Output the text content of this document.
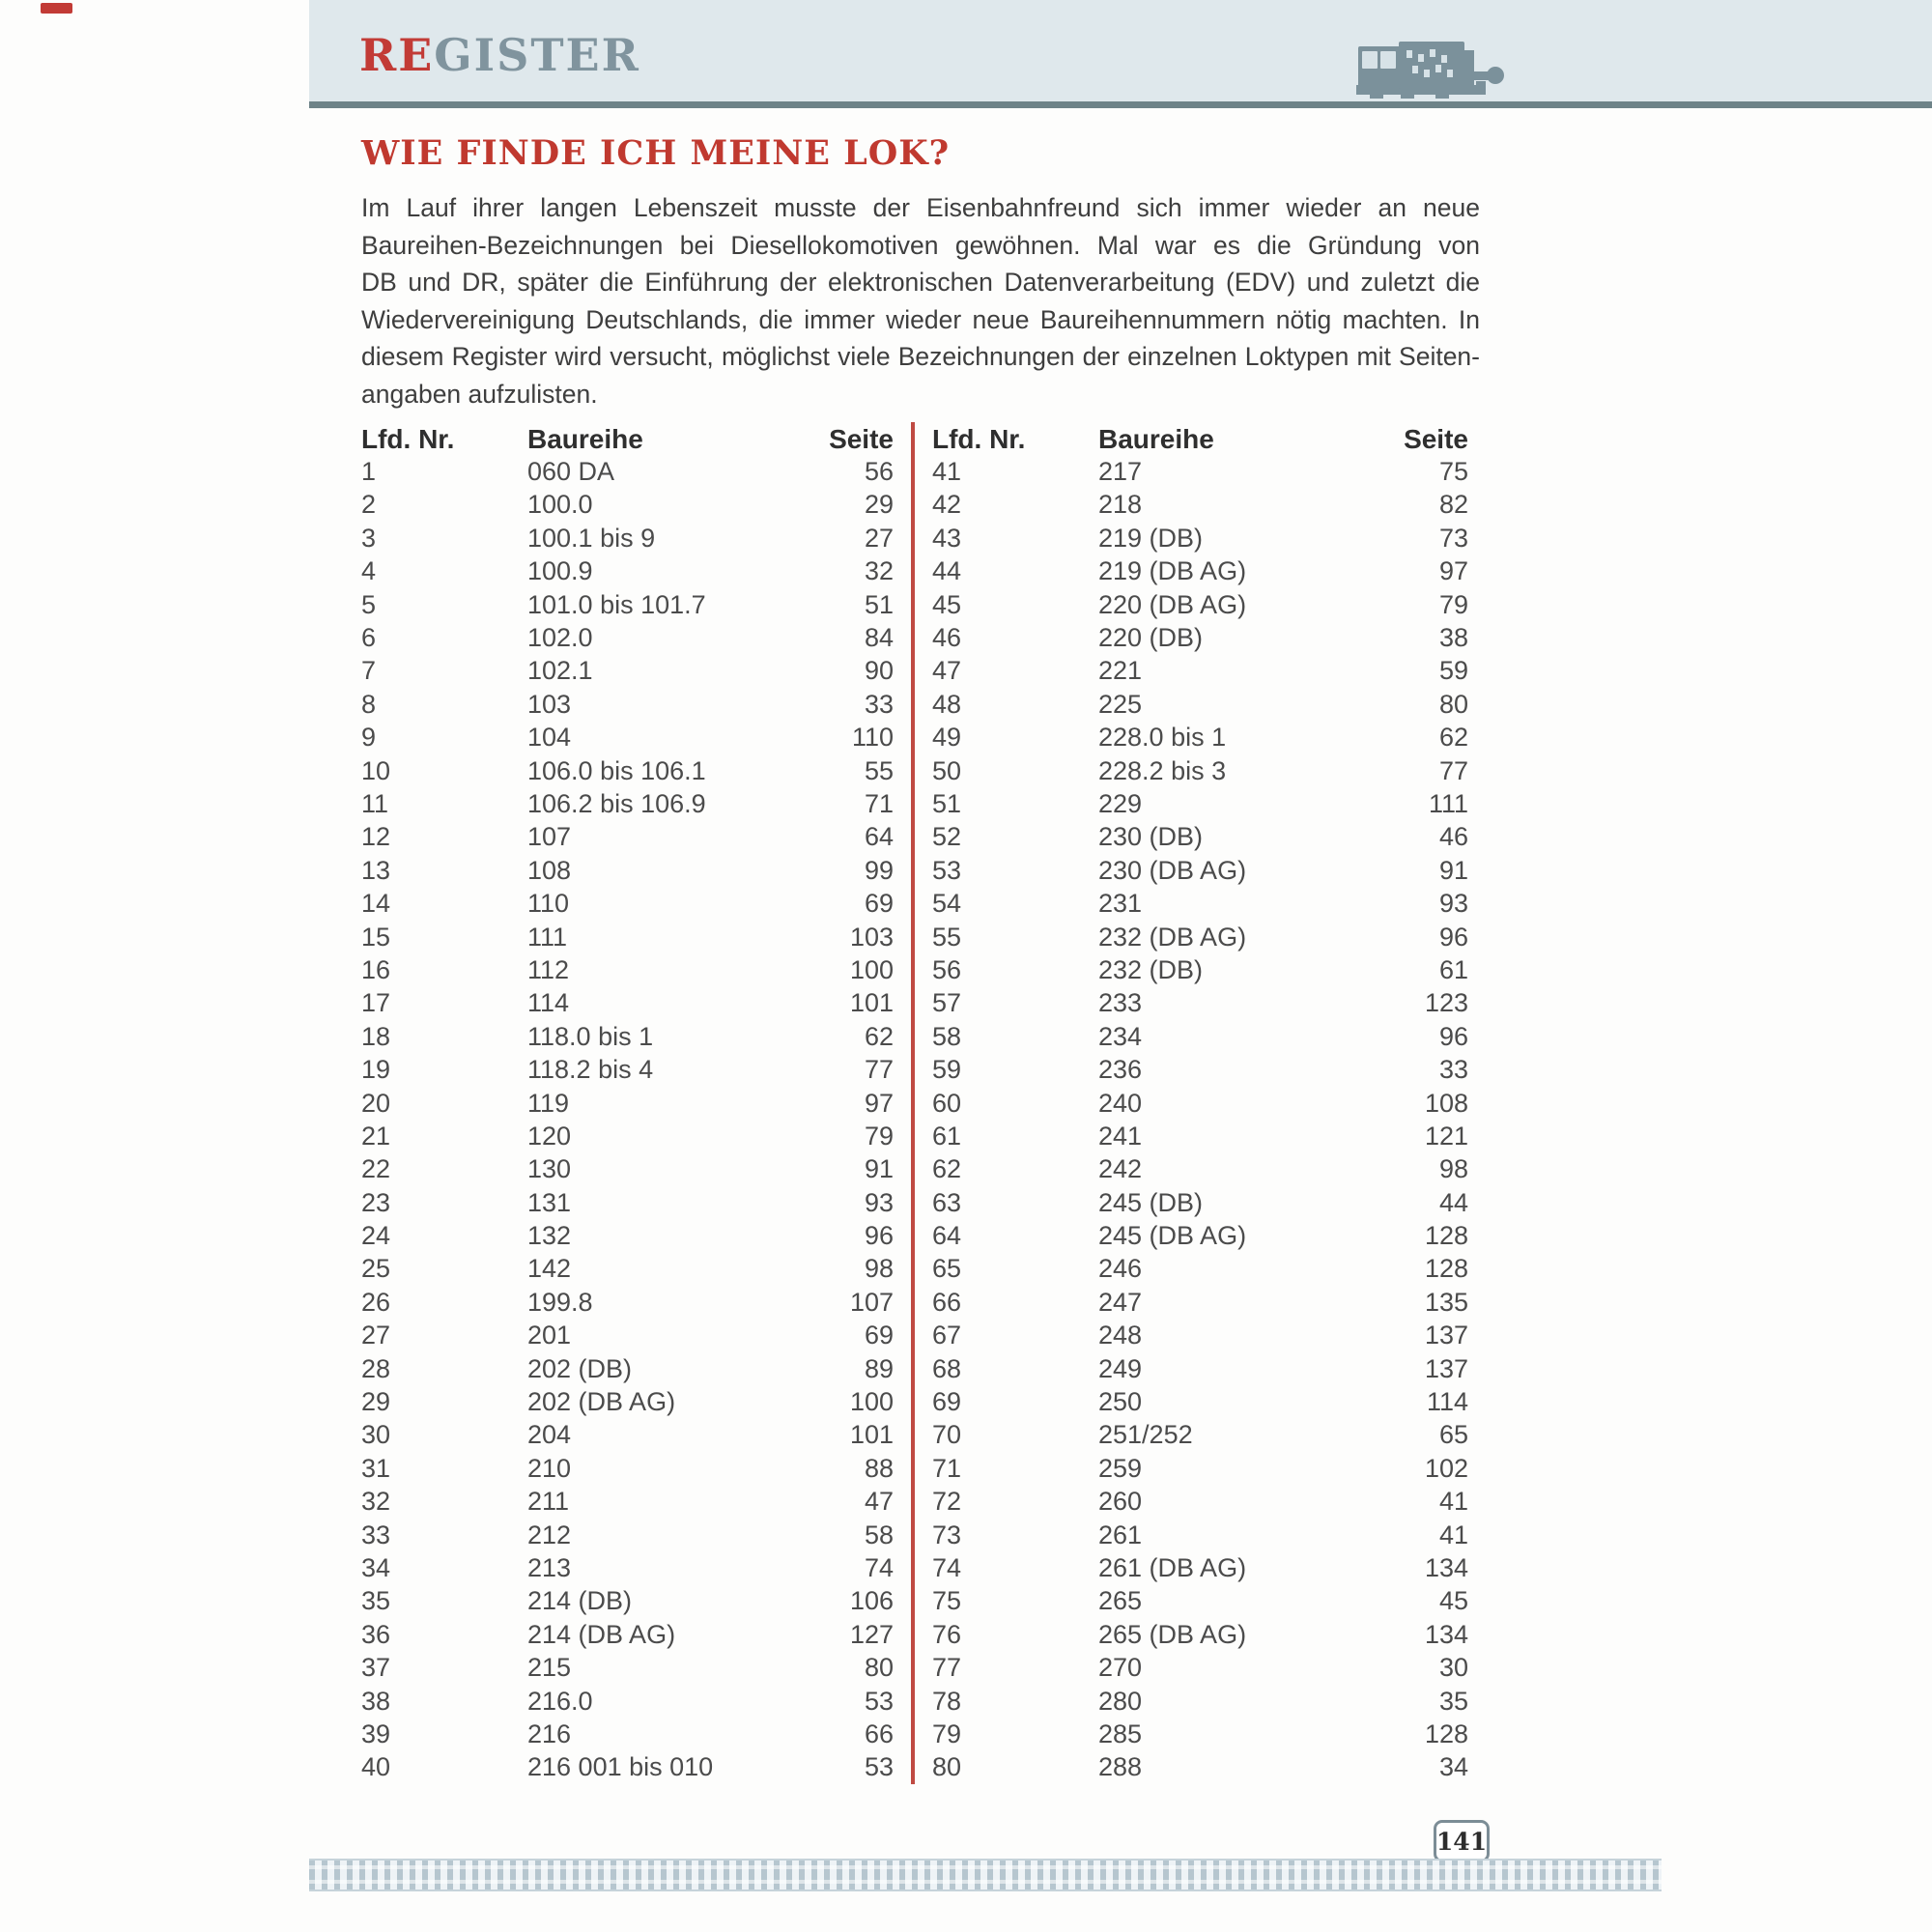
REGISTER
WIE FINDE ICH MEINE LOK?
Im Lauf ihrer langen Lebenszeit musste der Eisenbahnfreund sich immer wieder an neue
Baureihen-Bezeichnungen bei Diesellokomotiven gewöhnen. Mal war es die Gründung von
DB und DR, später die Einführung der elektronischen Datenverarbeitung (EDV) und zuletzt die
Wiedervereinigung Deutschlands, die immer wieder neue Baureihennummern nötig machten. In
diesem Register wird versucht, möglichst viele Bezeichnungen der einzelnen Loktypen mit Seiten-
angaben aufzulisten.
Lfd. Nr.	Baureihe	Seite
1	060 DA	56
2	100.0	29
3	100.1 bis 9	27
4	100.9	32
5	101.0 bis 101.7	51
6	102.0	84
7	102.1	90
8	103	33
9	104	110
10	106.0 bis 106.1	55
11	106.2 bis 106.9	71
12	107	64
13	108	99
14	110	69
15	111	103
16	112	100
17	114	101
18	118.0 bis 1	62
19	118.2 bis 4	77
20	119	97
21	120	79
22	130	91
23	131	93
24	132	96
25	142	98
26	199.8	107
27	201	69
28	202 (DB)	89
29	202 (DB AG)	100
30	204	101
31	210	88
32	211	47
33	212	58
34	213	74
35	214 (DB)	106
36	214 (DB AG)	127
37	215	80
38	216.0	53
39	216	66
40	216 001 bis 010	53
Lfd. Nr.	Baureihe	Seite
41	217	75
42	218	82
43	219 (DB)	73
44	219 (DB AG)	97
45	220 (DB AG)	79
46	220 (DB)	38
47	221	59
48	225	80
49	228.0 bis 1	62
50	228.2 bis 3	77
51	229	111
52	230 (DB)	46
53	230 (DB AG)	91
54	231	93
55	232 (DB AG)	96
56	232 (DB)	61
57	233	123
58	234	96
59	236	33
60	240	108
61	241	121
62	242	98
63	245 (DB)	44
64	245 (DB AG)	128
65	246	128
66	247	135
67	248	137
68	249	137
69	250	114
70	251/252	65
71	259	102
72	260	41
73	261	41
74	261 (DB AG)	134
75	265	45
76	265 (DB AG)	134
77	270	30
78	280	35
79	285	128
80	288	34
141
